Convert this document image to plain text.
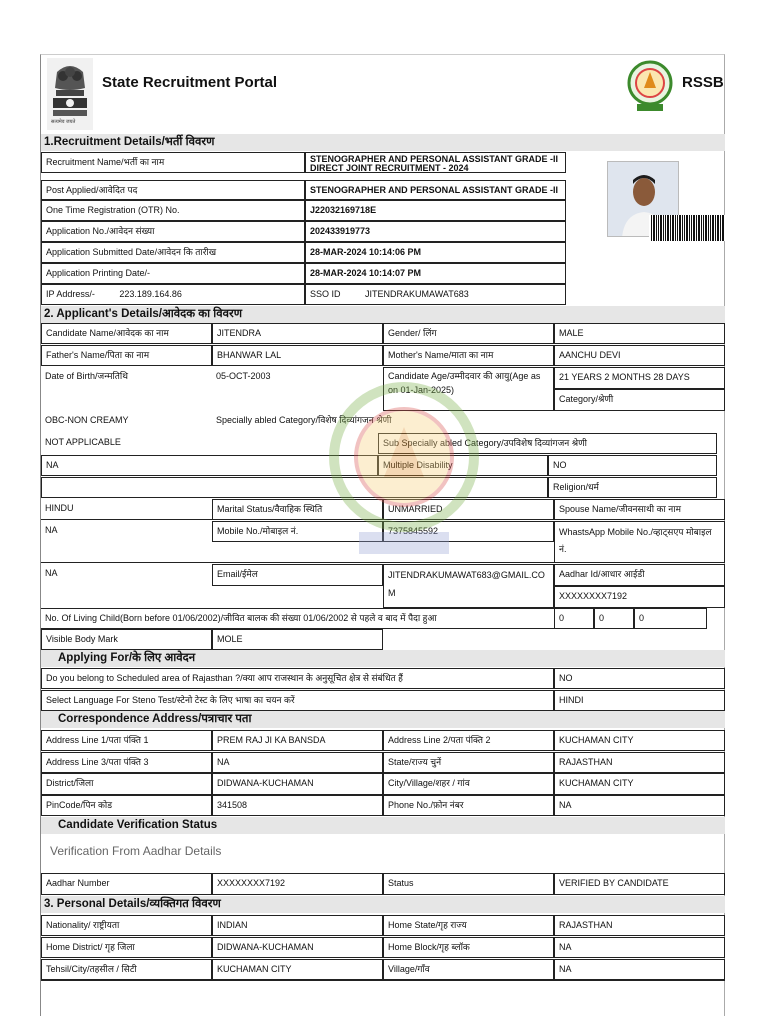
सत्यमेव जयते
State Recruitment Portal	RSSB
1.Recruitment Details/भर्ती विवरण
Recruitment Name/भर्ती का नाम	STENOGRAPHER AND PERSONAL ASSISTANT GRADE -II DIRECT JOINT RECRUITMENT - 2024
Post Applied/आवेदित पद	STENOGRAPHER AND PERSONAL ASSISTANT GRADE -II
One Time Registration (OTR) No.	J22032169718E
Application No./आवेदन संख्या	202433919773
Application Submitted Date/आवेदन कि तारीख	28-MAR-2024 10:14:06 PM
Application Printing Date/-	28-MAR-2024 10:14:07 PM
IP Address/-	223.189.164.86	SSO ID	JITENDRAKUMAWAT683
2. Applicant's Details/आवेदक का विवरण
Candidate Name/आवेदक का नाम	JITENDRA	Gender/ लिंग	MALE
Father's Name/पिता का नाम	BHANWAR LAL	Mother's Name/माता का नाम	AANCHU DEVI
Date of Birth/जन्मतिथि	05-OCT-2003	Candidate Age/उम्मीदवार की आयु(Age as on 01-Jan-2025)
21 YEARS 2 MONTHS 28 DAYS
Category/श्रेणी
OBC-NON CREAMY	Specially abled Category/विशेष दिव्यांगजन श्रेणी
NOT APPLICABLE	Sub Specially abled Category/उपविशेष दिव्यांगजन श्रेणी
NA	Multiple Disability	NO
Religion/धर्म
HINDU	Marital Status/वैवाहिक स्थिति	UNMARRIED	Spouse Name/जीवनसाथी का नाम
NA	Mobile No./मोबाइल नं.	7375845592	WhastsApp Mobile No./व्हाट्सएप मोबाइल नं.
NA	Email/ईमेल	JITENDRAKUMAWAT683@GMAIL.COM
Aadhar Id/आधार आईडी
XXXXXXXX7192
No. Of Living Child(Born before 01/06/2002)/जीवित बालक की संख्या 01/06/2002 से पहले व बाद में पैदा हुआ	0	0	0
Visible Body Mark	MOLE
Applying For/के लिए आवेदन
Do you belong to Scheduled area of Rajasthan ?/क्या आप राजस्थान के अनुसूचित क्षेत्र से संबंधित हैं	NO
Select Language For Steno Test/स्टेनो टेस्ट के लिए भाषा का चयन करें	HINDI
Correspondence Address/पत्राचार पता
Address Line 1/पता पंक्ति 1	PREM RAJ JI KA BANSDA	Address Line 2/पता पंक्ति 2	KUCHAMAN CITY
Address Line 3/पता पंक्ति 3	NA	State/राज्य चुनें	RAJASTHAN
District/जिला	DIDWANA-KUCHAMAN	City/Village/शहर / गांव	KUCHAMAN CITY
PinCode/पिन कोड	341508	Phone No./फ़ोन नंबर	NA
Candidate Verification Status
Verification From Aadhar Details
Aadhar Number	XXXXXXXX7192	Status	VERIFIED BY CANDIDATE
3. Personal Details/व्यक्तिगत विवरण
Nationality/ राष्ट्रीयता	INDIAN	Home State/गृह राज्य	RAJASTHAN
Home District/ गृह जिला	DIDWANA-KUCHAMAN	Home Block/गृह ब्लॉक	NA
Tehsil/City/तहसील / सिटी	KUCHAMAN CITY	Village/गाँव	NA
